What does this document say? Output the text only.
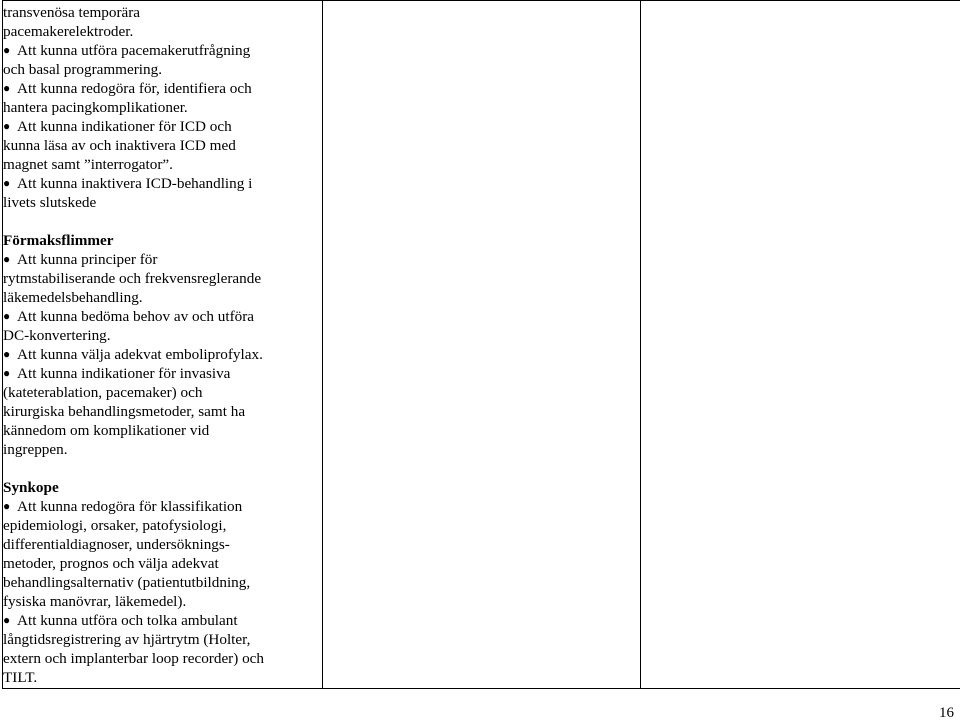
transvenösa temporära
pacemakerelektroder.
● Att kunna utföra pacemakerutfrågning
och basal programmering.
● Att kunna redogöra för, identifiera och
hantera pacingkomplikationer.
● Att kunna indikationer för ICD och
kunna läsa av och inaktivera ICD med
magnet samt ”interrogator”.
● Att kunna inaktivera ICD-behandling i
livets slutskede
Förmaksflimmer
● Att kunna principer för
rytmstabiliserande och frekvensreglerande
läkemedelsbehandling.
● Att kunna bedöma behov av och utföra
DC-konvertering.
● Att kunna välja adekvat emboliprofylax.
● Att kunna indikationer för invasiva
(kateterablation, pacemaker) och
kirurgiska behandlingsmetoder, samt ha
kännedom om komplikationer vid
ingreppen.
Synkope
● Att kunna redogöra för klassifikation
epidemiologi, orsaker, patofysiologi,
differentialdiagnoser, undersöknings-
metoder, prognos och välja adekvat
behandlingsalternativ (patientutbildning,
fysiska manövrar, läkemedel).
● Att kunna utföra och tolka ambulant
långtidsregistrering av hjärtrytm (Holter,
extern och implanterbar loop recorder) och
TILT.

16
